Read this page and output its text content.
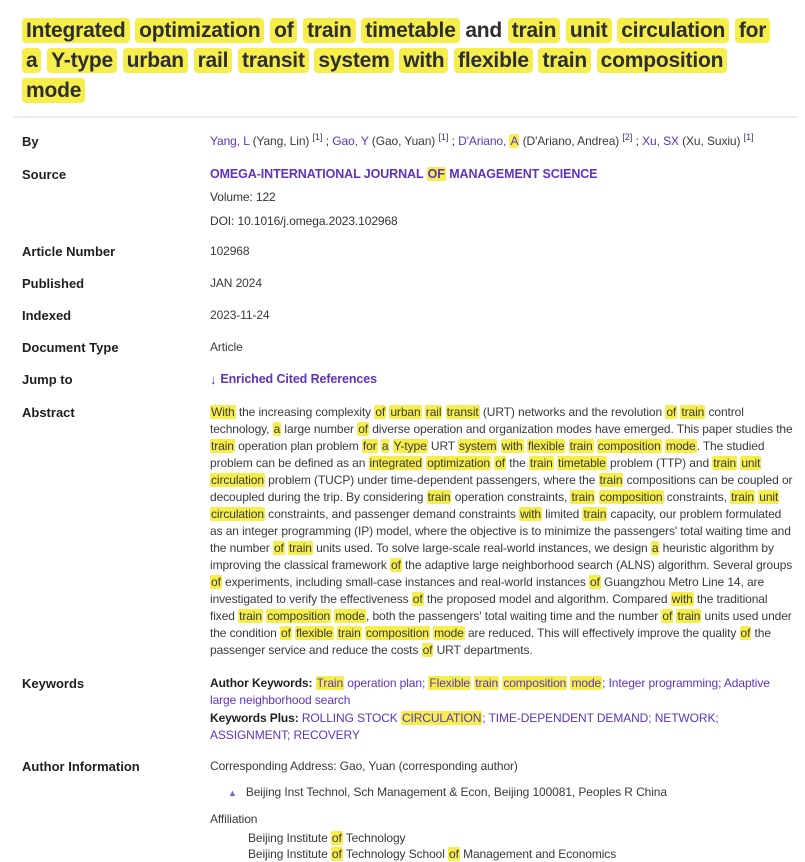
Integrated optimization of train timetable and train unit circulation for a Y-type urban rail transit system with flexible train composition mode
By	Yang, L (Yang, Lin) [1] ; Gao, Y (Gao, Yuan) [1] ; D'Ariano, A (D'Ariano, Andrea) [2] ; Xu, SX (Xu, Suxiu) [1]
Source	OMEGA-INTERNATIONAL JOURNAL OF MANAGEMENT SCIENCE
Volume: 122
DOI: 10.1016/j.omega.2023.102968
Article Number	102968
Published	JAN 2024
Indexed	2023-11-24
Document Type	Article
Jump to	↓ Enriched Cited References
Abstract	With the increasing complexity of urban rail transit (URT) networks and the revolution of train control technology, a large number of diverse operation and organization modes have emerged. This paper studies the train operation plan problem for a Y-type URT system with flexible train composition mode. The studied problem can be defined as an integrated optimization of the train timetable problem (TTP) and train unit circulation problem (TUCP) under time-dependent passengers, where the train compositions can be coupled or decoupled during the trip. By considering train operation constraints, train composition constraints, train unit circulation constraints, and passenger demand constraints with limited train capacity, our problem formulated as an integer programming (IP) model, where the objective is to minimize the passengers' total waiting time and the number of train units used. To solve large-scale real-world instances, we design a heuristic algorithm by improving the classical framework of the adaptive large neighborhood search (ALNS) algorithm. Several groups of experiments, including small-case instances and real-world instances of Guangzhou Metro Line 14, are investigated to verify the effectiveness of the proposed model and algorithm. Compared with the traditional fixed train composition mode, both the passengers' total waiting time and the number of train units used under the condition of flexible train composition mode are reduced. This will effectively improve the quality of the passenger service and reduce the costs of URT departments.
Keywords	Author Keywords: Train operation plan; Flexible train composition mode; Integer programming; Adaptive large neighborhood search
Keywords Plus: ROLLING STOCK CIRCULATION; TIME-DEPENDENT DEMAND; NETWORK; ASSIGNMENT; RECOVERY
Author Information	Corresponding Address: Gao, Yuan (corresponding author)
▲ Beijing Inst Technol, Sch Management & Econ, Beijing 100081, Peoples R China
Affiliation
Beijing Institute of Technology
Beijing Institute of Technology School of Management and Economics
